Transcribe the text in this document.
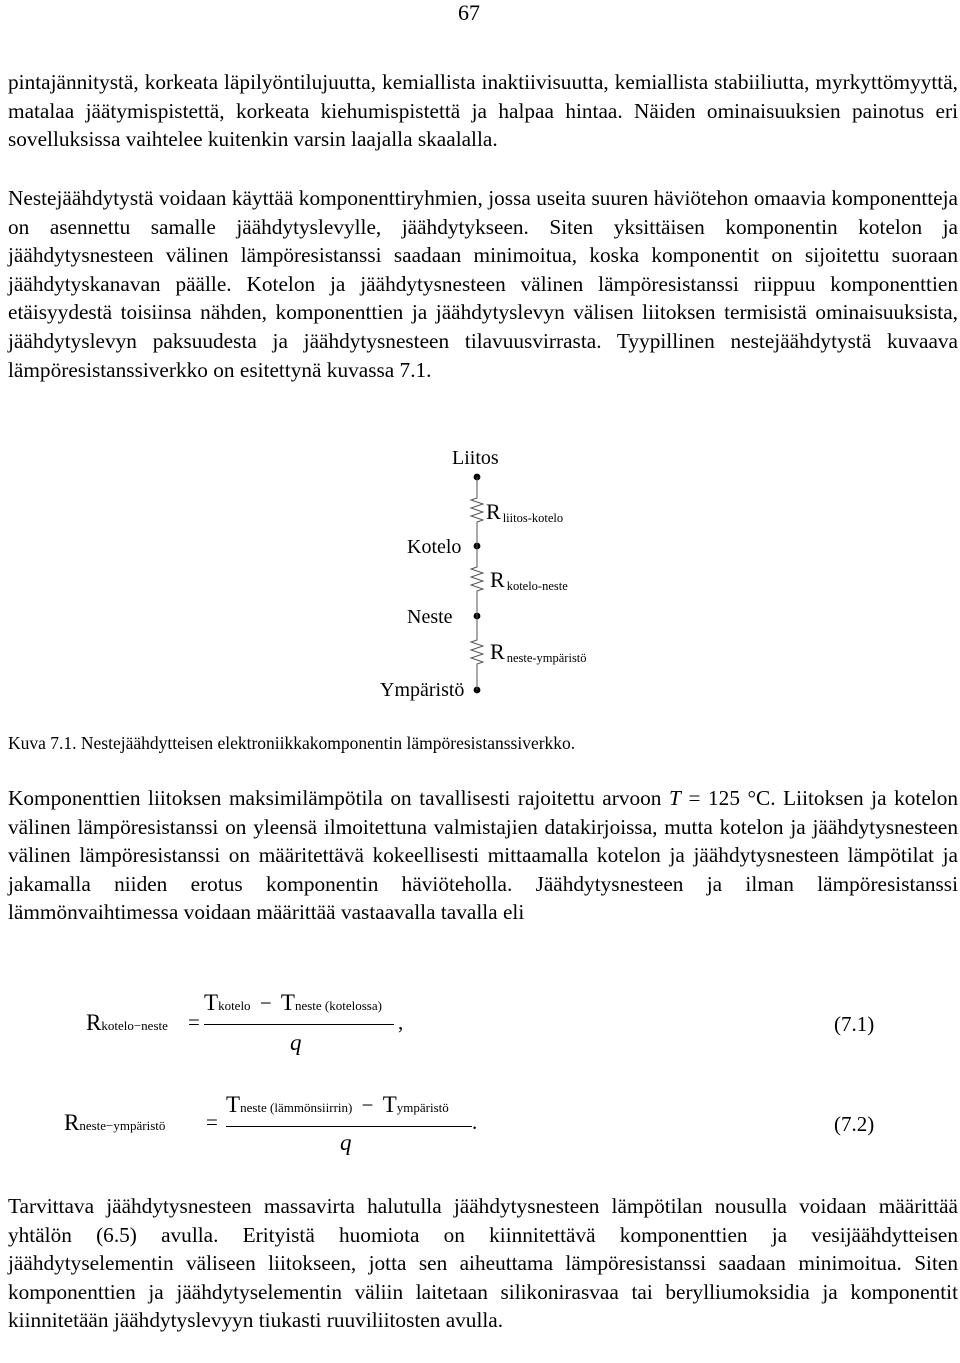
67

pintajännitystä, korkeata läpilyöntilujuutta, kemiallista inaktiivisuutta, kemiallista stabiiliutta, myrkyttömyyttä, matalaa jäätymispistettä, korkeata kiehumispistettä ja halpaa hintaa. Näiden ominaisuuksien painotus eri sovelluksissa vaihtelee kuitenkin varsin laajalla skaalalla.

Nestejäähdytystä voidaan käyttää komponenttiryhmien, jossa useita suuren häviötehon omaavia komponentteja on asennettu samalle jäähdytyslevylle, jäähdytykseen. Siten yksittäisen komponentin kotelon ja jäähdytysnesteen välinen lämpöresistanssi saadaan minimoitua, koska komponentit on sijoitettu suoraan jäähdytyskanavan päälle. Kotelon ja jäähdytysnesteen välinen lämpöresistanssi riippuu komponenttien etäisyydestä toisiinsa nähden, komponenttien ja jäähdytyslevyn välisen liitoksen termisistä ominaisuuksista, jäähdytyslevyn paksuudesta ja jäähdytysnesteen tilavuusvirrasta. Tyypillinen nestejäähdytystä kuvaava lämpöresistanssiverkko on esitettynä kuvassa 7.1.

Liitos
Kotelo
Neste
Ympäristö
R $_{liitos-kotelo}$
R $_{kotelo-neste}$
R $_{neste-ympäristö}$

Kuva 7.1. Nestejäähdytteisen elektroniikkakomponentin lämpöresistanssiverkko.

Komponenttien liitoksen maksimilämpötila on tavallisesti rajoitettu arvoon T = 125 °C. Liitoksen ja kotelon välinen lämpöresistanssi on yleensä ilmoitettuna valmistajien datakirjoissa, mutta kotelon ja jäähdytysnesteen välinen lämpöresistanssi on määritettävä kokeellisesti mittaamalla kotelon ja jäähdytysnesteen lämpötilat ja jakamalla niiden erotus komponentin häviöteholla. Jäähdytysnesteen ja ilman lämpöresistanssi lämmönvaihtimessa voidaan määrittää vastaavalla tavalla eli

Rkotelo−neste =
Tkotelo − Tneste (kotelossa)
q
,	(7.1)
Rneste−ympäristö =
Tneste (lämmönsiirrin) − Tympäristö
q
.	(7.2)

Tarvittava jäähdytysnesteen massavirta halutulla jäähdytysnesteen lämpötilan nousulla voidaan määrittää yhtälön (6.5) avulla. Erityistä huomiota on kiinnitettävä komponenttien ja vesijäähdytteisen jäähdytyselementin väliseen liitokseen, jotta sen aiheuttama lämpöresistanssi saadaan minimoitua. Siten komponenttien ja jäähdytyselementin väliin laitetaan silikonirasvaa tai berylliumoksidia ja komponentit kiinnitetään jäähdytyslevyyn tiukasti ruuviliitosten avulla.
